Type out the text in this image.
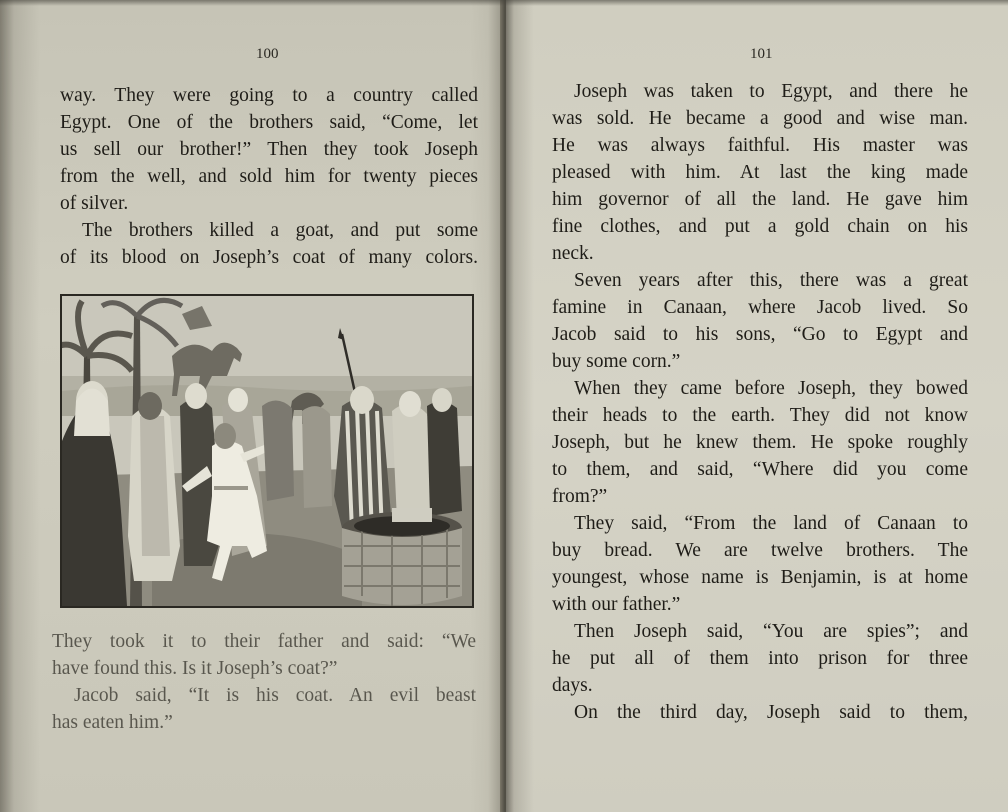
100
way. They were going to a country called
Egypt. One of the brothers said, “Come, let
us sell our brother!” Then they took Joseph
from the well, and sold him for twenty pieces
of silver.
The brothers killed a goat, and put some
of its blood on Joseph’s coat of many colors.
They took it to their father and said: “We
have found this. Is it Joseph’s coat?”
Jacob said, “It is his coat. An evil beast
has eaten him.”
101
Joseph was taken to Egypt, and there he
was sold. He became a good and wise man.
He was always faithful. His master was
pleased with him. At last the king made
him governor of all the land. He gave him
fine clothes, and put a gold chain on his
neck.
Seven years after this, there was a great
famine in Canaan, where Jacob lived. So
Jacob said to his sons, “Go to Egypt and
buy some corn.”
When they came before Joseph, they bowed
their heads to the earth. They did not know
Joseph, but he knew them. He spoke roughly
to them, and said, “Where did you come
from?”
They said, “From the land of Canaan to
buy bread. We are twelve brothers. The
youngest, whose name is Benjamin, is at home
with our father.”
Then Joseph said, “You are spies”; and
he put all of them into prison for three
days.
On the third day, Joseph said to them,
